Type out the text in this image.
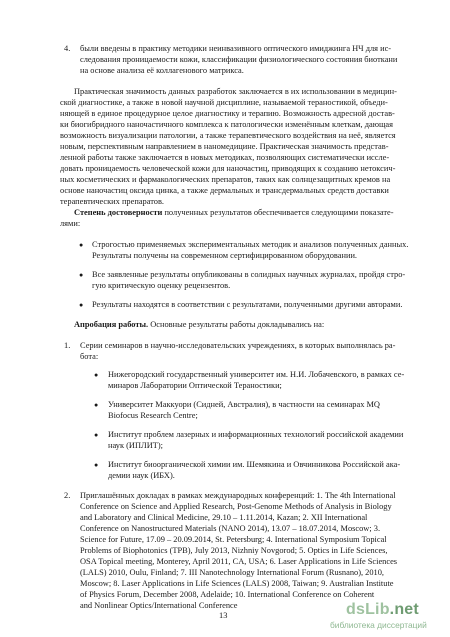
4. были введены в практику методики неинвазивного оптического имиджинга НЧ для ис-
следования проницаемости кожи, классификации физиологического состояния биоткани
на основе анализа её коллагенового матрикса.
Практическая значимость данных разработок заключается в их использовании в медицин-
ской диагностике, а также в новой научной дисциплине, называемой тераностикой, объеди-
няющей в единое процедурное целое диагностику и терапию. Возможность адресной достав-
ки биогибридного наночастичного комплекса к патологически изменённым клеткам, дающая
возможность визуализации патологии, а также терапевтического воздействия на неё, является
новым, перспективным направлением в наномедицине. Практическая значимость представ-
ленной работы также заключается в новых методиках, позволяющих систематически иссле-
довать проницаемость человеческой кожи для наночастиц, приводящих к созданию нетоксич-
ных косметических и фармакологических препаратов, таких как солнцезащитных кремов на
основе наночастиц оксида цинка, а также дермальных и трансдермальных средств доставки
терапевтических препаратов.
Степень достоверности полученных результатов обеспечивается следующими показате-
лями:
● Строгостью применяемых экспериментальных методик и анализов полученных данных.
Результаты получены на современном сертифицированном оборудовании.
● Все заявленные результаты опубликованы в солидных научных журналах, пройдя стро-
гую критическую оценку рецензентов.
● Результаты находятся в соответствии с результатами, полученными другими авторами.
Апробация работы. Основные результаты работы докладывались на:
1. Серии семинаров в научно-исследовательских учреждениях, в которых выполнялась ра-
бота:
● Нижегородский государственный университет им. Н.И. Лобачевского, в рамках се-
минаров Лаборатории Оптической Тераностики;
● Университет Маккуори (Сидней, Австралия), в частности на семинарах MQ
Biofocus Research Centre;
● Институт проблем лазерных и информационных технологий российской академии
наук (ИПЛИТ);
● Институт биоорганической химии им. Шемякина и Овчинникова Российской ака-
демии наук (ИБХ).
2. Приглашённых докладах в рамках международных конференций: 1. The 4th International
Conference on Science and Applied Research, Post-Genome Methods of Analysis in Biology
and Laboratory and Clinical Medicine, 29.10 – 1.11.2014, Kazan; 2. XII International
Conference on Nanostructured Materials (NANO 2014), 13.07 – 18.07.2014, Moscow; 3.
Science for Future, 17.09 – 20.09.2014, St. Petersburg; 4. International Symposium Topical
Problems of Biophotonics (TPB), July 2013, Nizhniy Novgorod; 5. Optics in Life Sciences,
OSA Topical meeting, Monterey, April 2011, CA, USA; 6. Laser Applications in Life Sciences
(LALS) 2010, Oulu, Finland; 7. III Nanotechnology International Forum (Rusnano), 2010,
Moscow; 8. Laser Applications in Life Sciences (LALS) 2008, Taiwan; 9. Australian Institute
of Physics Forum, December 2008, Adelaide; 10. International Conference on Coherent
and Nonlinear Optics/International Conference
13	dsLib.net
библиотека диссертаций
